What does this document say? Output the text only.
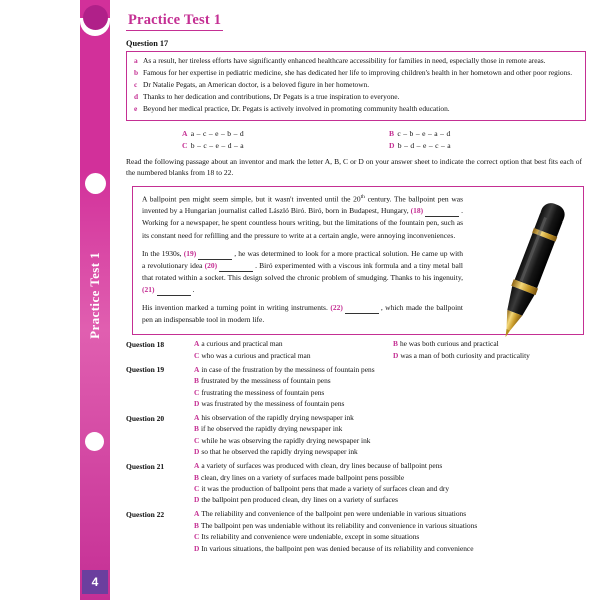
Practice Test 1
4
Practice Test 1
Question 17
a As a result, her tireless efforts have significantly enhanced healthcare accessibility for families in need, especially those in remote areas.
b Famous for her expertise in pediatric medicine, she has dedicated her life to improving children's health in her hometown and other poor regions.
c Dr Natalie Pegats, an American doctor, is a beloved figure in her hometown.
d Thanks to her dedication and contributions, Dr Pegats is a true inspiration to everyone.
e Beyond her medical practice, Dr. Pegats is actively involved in promoting community health education.
A a – c – e – b – d	B c – b – e – a – d
C b – c – e – d – a	D b – d – e – c – a
Read the following passage about an inventor and mark the letter A, B, C or D on your answer sheet to indicate the correct option that best fits each of the numbered blanks from 18 to 22.

A ballpoint pen might seem simple, but it wasn't invented until the 20th century. The ballpoint pen was invented by a Hungarian journalist called László Biró. Biró, born in Budapest, Hungary, (18)	. Working for a newspaper, he spent countless hours writing, but the limitations of the fountain pen, such as its constant need for refilling and the pressure to write at a certain angle, were annoying inconveniences.

In the 1930s, (19)	, he was determined to look for a more practical solution. He came up with a revolutionary idea (20)	. Biró experimented with a viscous ink formula and a tiny metal ball that rotated within a socket. This design solved the chronic problem of smudging. Thanks to his ingenuity, (21)	.

His invention marked a turning point in writing instruments. (22)	, which made the ballpoint pen an indispensable tool in modern life.

Question 18	A a curious and practical man	B he was both curious and practical
C who was a curious and practical man	D was a man of both curiosity and practicality
Question 19	A in case of the frustration by the messiness of fountain pens
B frustrated by the messiness of fountain pens
C frustrating the messiness of fountain pens
D was frustrated by the messiness of fountain pens
Question 20	A his observation of the rapidly drying newspaper ink
B if he observed the rapidly drying newspaper ink
C while he was observing the rapidly drying newspaper ink
D so that he observed the rapidly drying newspaper ink
Question 21	A a variety of surfaces was produced with clean, dry lines because of ballpoint pens
B clean, dry lines on a variety of surfaces made ballpoint pens possible
C it was the production of ballpoint pens that made a variety of surfaces clean and dry
D the ballpoint pen produced clean, dry lines on a variety of surfaces
Question 22	A The reliability and convenience of the ballpoint pen were undeniable in various situations
B The ballpoint pen was undeniable without its reliability and convenience in various situations
C Its reliability and convenience were undeniable, except in some situations
D In various situations, the ballpoint pen was denied because of its reliability and convenience
